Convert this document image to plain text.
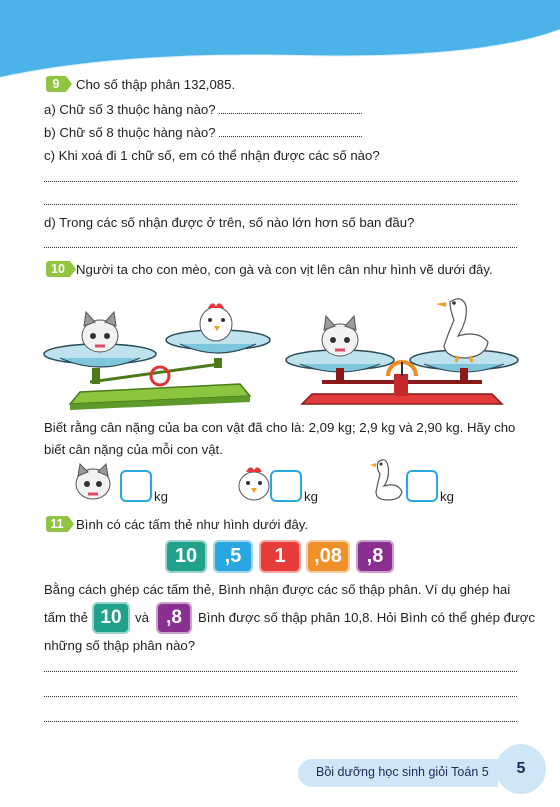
9	Cho số thập phân 132,085.
a) Chữ số 3 thuộc hàng nào?
b) Chữ số 8 thuộc hàng nào?
c) Khi xoá đi 1 chữ số, em có thể nhận được các số nào?
d) Trong các số nhận được ở trên, số nào lớn hơn số ban đầu?
10 Người ta cho con mèo, con gà và con vịt lên cân như hình vẽ dưới đây.
Biết rằng cân nặng của ba con vật đã cho là: 2,09 kg; 2,9 kg và 2,90 kg. Hãy cho
biết cân nặng của mỗi con vật.
kg	kg	kg
11 Bình có các tấm thẻ như hình dưới đây.
10	,5	1	,08	,8
Bằng cách ghép các tấm thẻ, Bình nhận được các số thập phân. Ví dụ ghép hai
tấm thẻ 10	và ,8	Bình được số thập phân 10,8. Hỏi Bình có thể ghép được
những số thập phân nào?
Bồi dưỡng học sinh giỏi Toán 5	5
